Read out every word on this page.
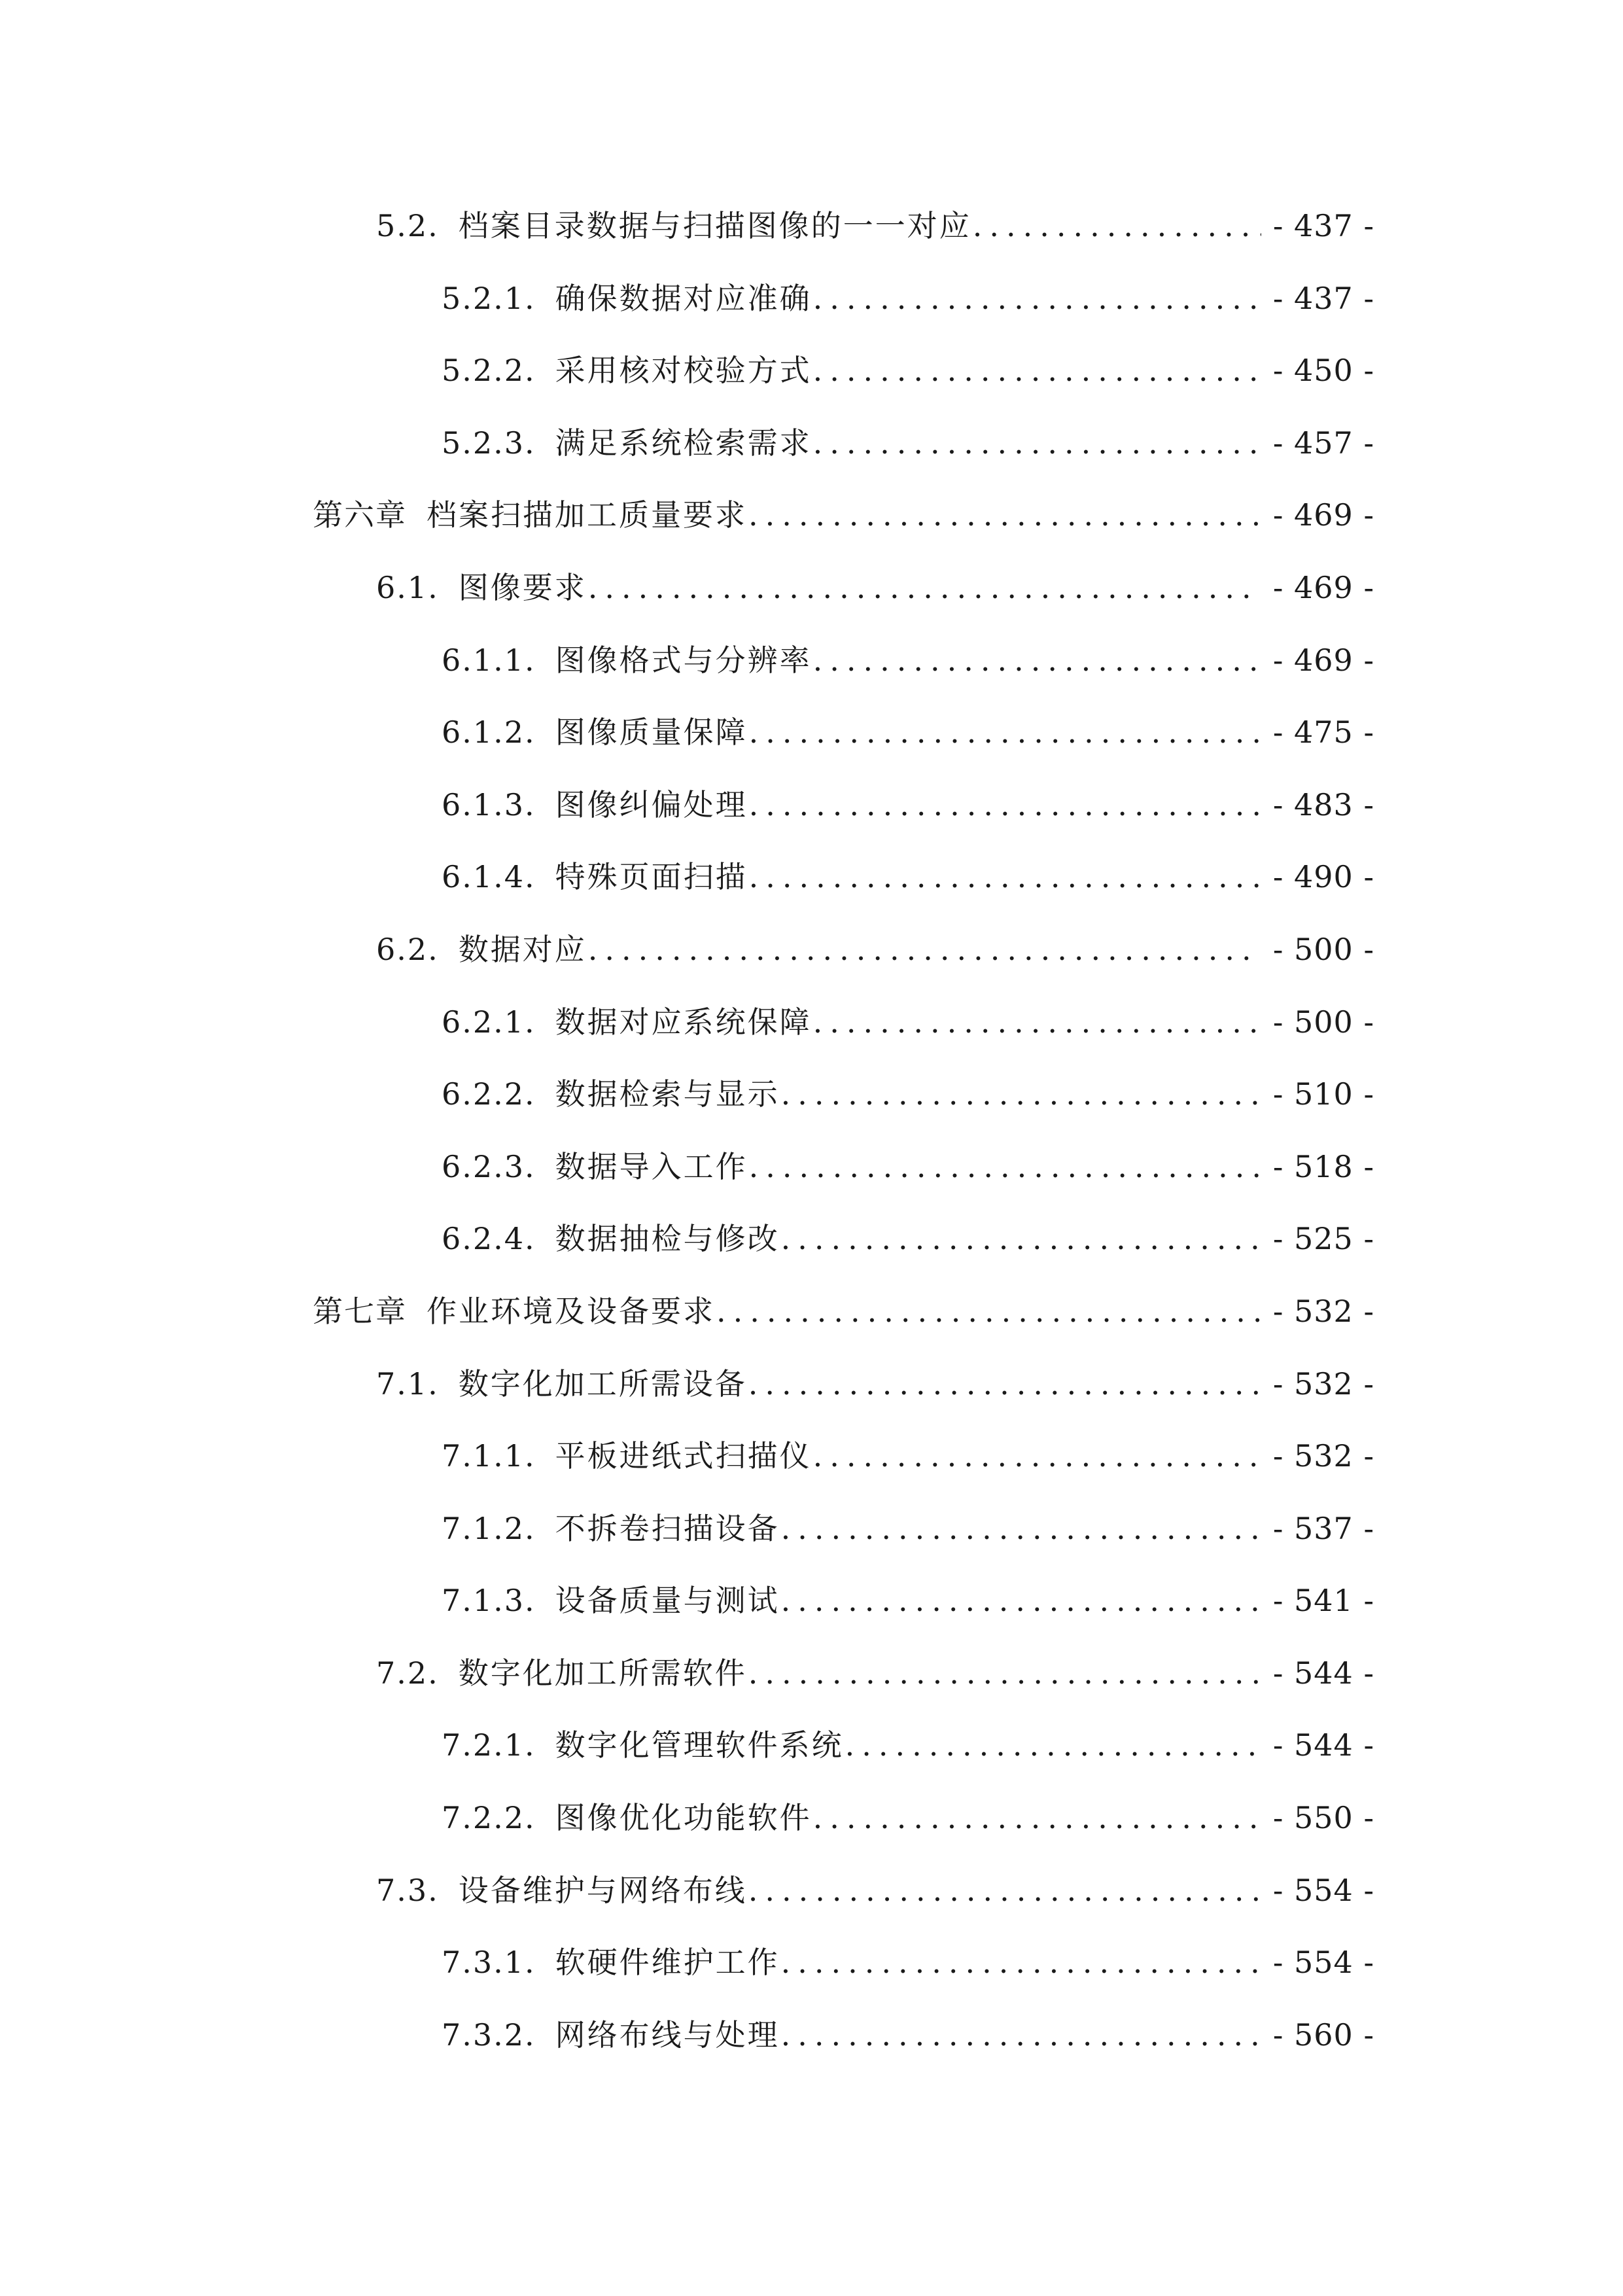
5.2. 档案目录数据与扫描图像的一一对应 .....	- 437 -
5.2.1. 确保数据对应准确 .....	- 437 -
5.2.2. 采用核对校验方式 .....	- 450 -
5.2.3. 满足系统检索需求 .....	- 457 -
第六章 档案扫描加工质量要求 .....	- 469 -
6.1. 图像要求 .....	- 469 -
6.1.1. 图像格式与分辨率 .....	- 469 -
6.1.2. 图像质量保障 .....	- 475 -
6.1.3. 图像纠偏处理 .....	- 483 -
6.1.4. 特殊页面扫描 .....	- 490 -
6.2. 数据对应 .....	- 500 -
6.2.1. 数据对应系统保障 .....	- 500 -
6.2.2. 数据检索与显示 .....	- 510 -
6.2.3. 数据导入工作 .....	- 518 -
6.2.4. 数据抽检与修改 .....	- 525 -
第七章 作业环境及设备要求 .....	- 532 -
7.1. 数字化加工所需设备 .....	- 532 -
7.1.1. 平板进纸式扫描仪 .....	- 532 -
7.1.2. 不拆卷扫描设备 .....	- 537 -
7.1.3. 设备质量与测试 .....	- 541 -
7.2. 数字化加工所需软件 .....	- 544 -
7.2.1. 数字化管理软件系统 .....	- 544 -
7.2.2. 图像优化功能软件 .....	- 550 -
7.3. 设备维护与网络布线 .....	- 554 -
7.3.1. 软硬件维护工作 .....	- 554 -
7.3.2. 网络布线与处理 .....	- 560 -
